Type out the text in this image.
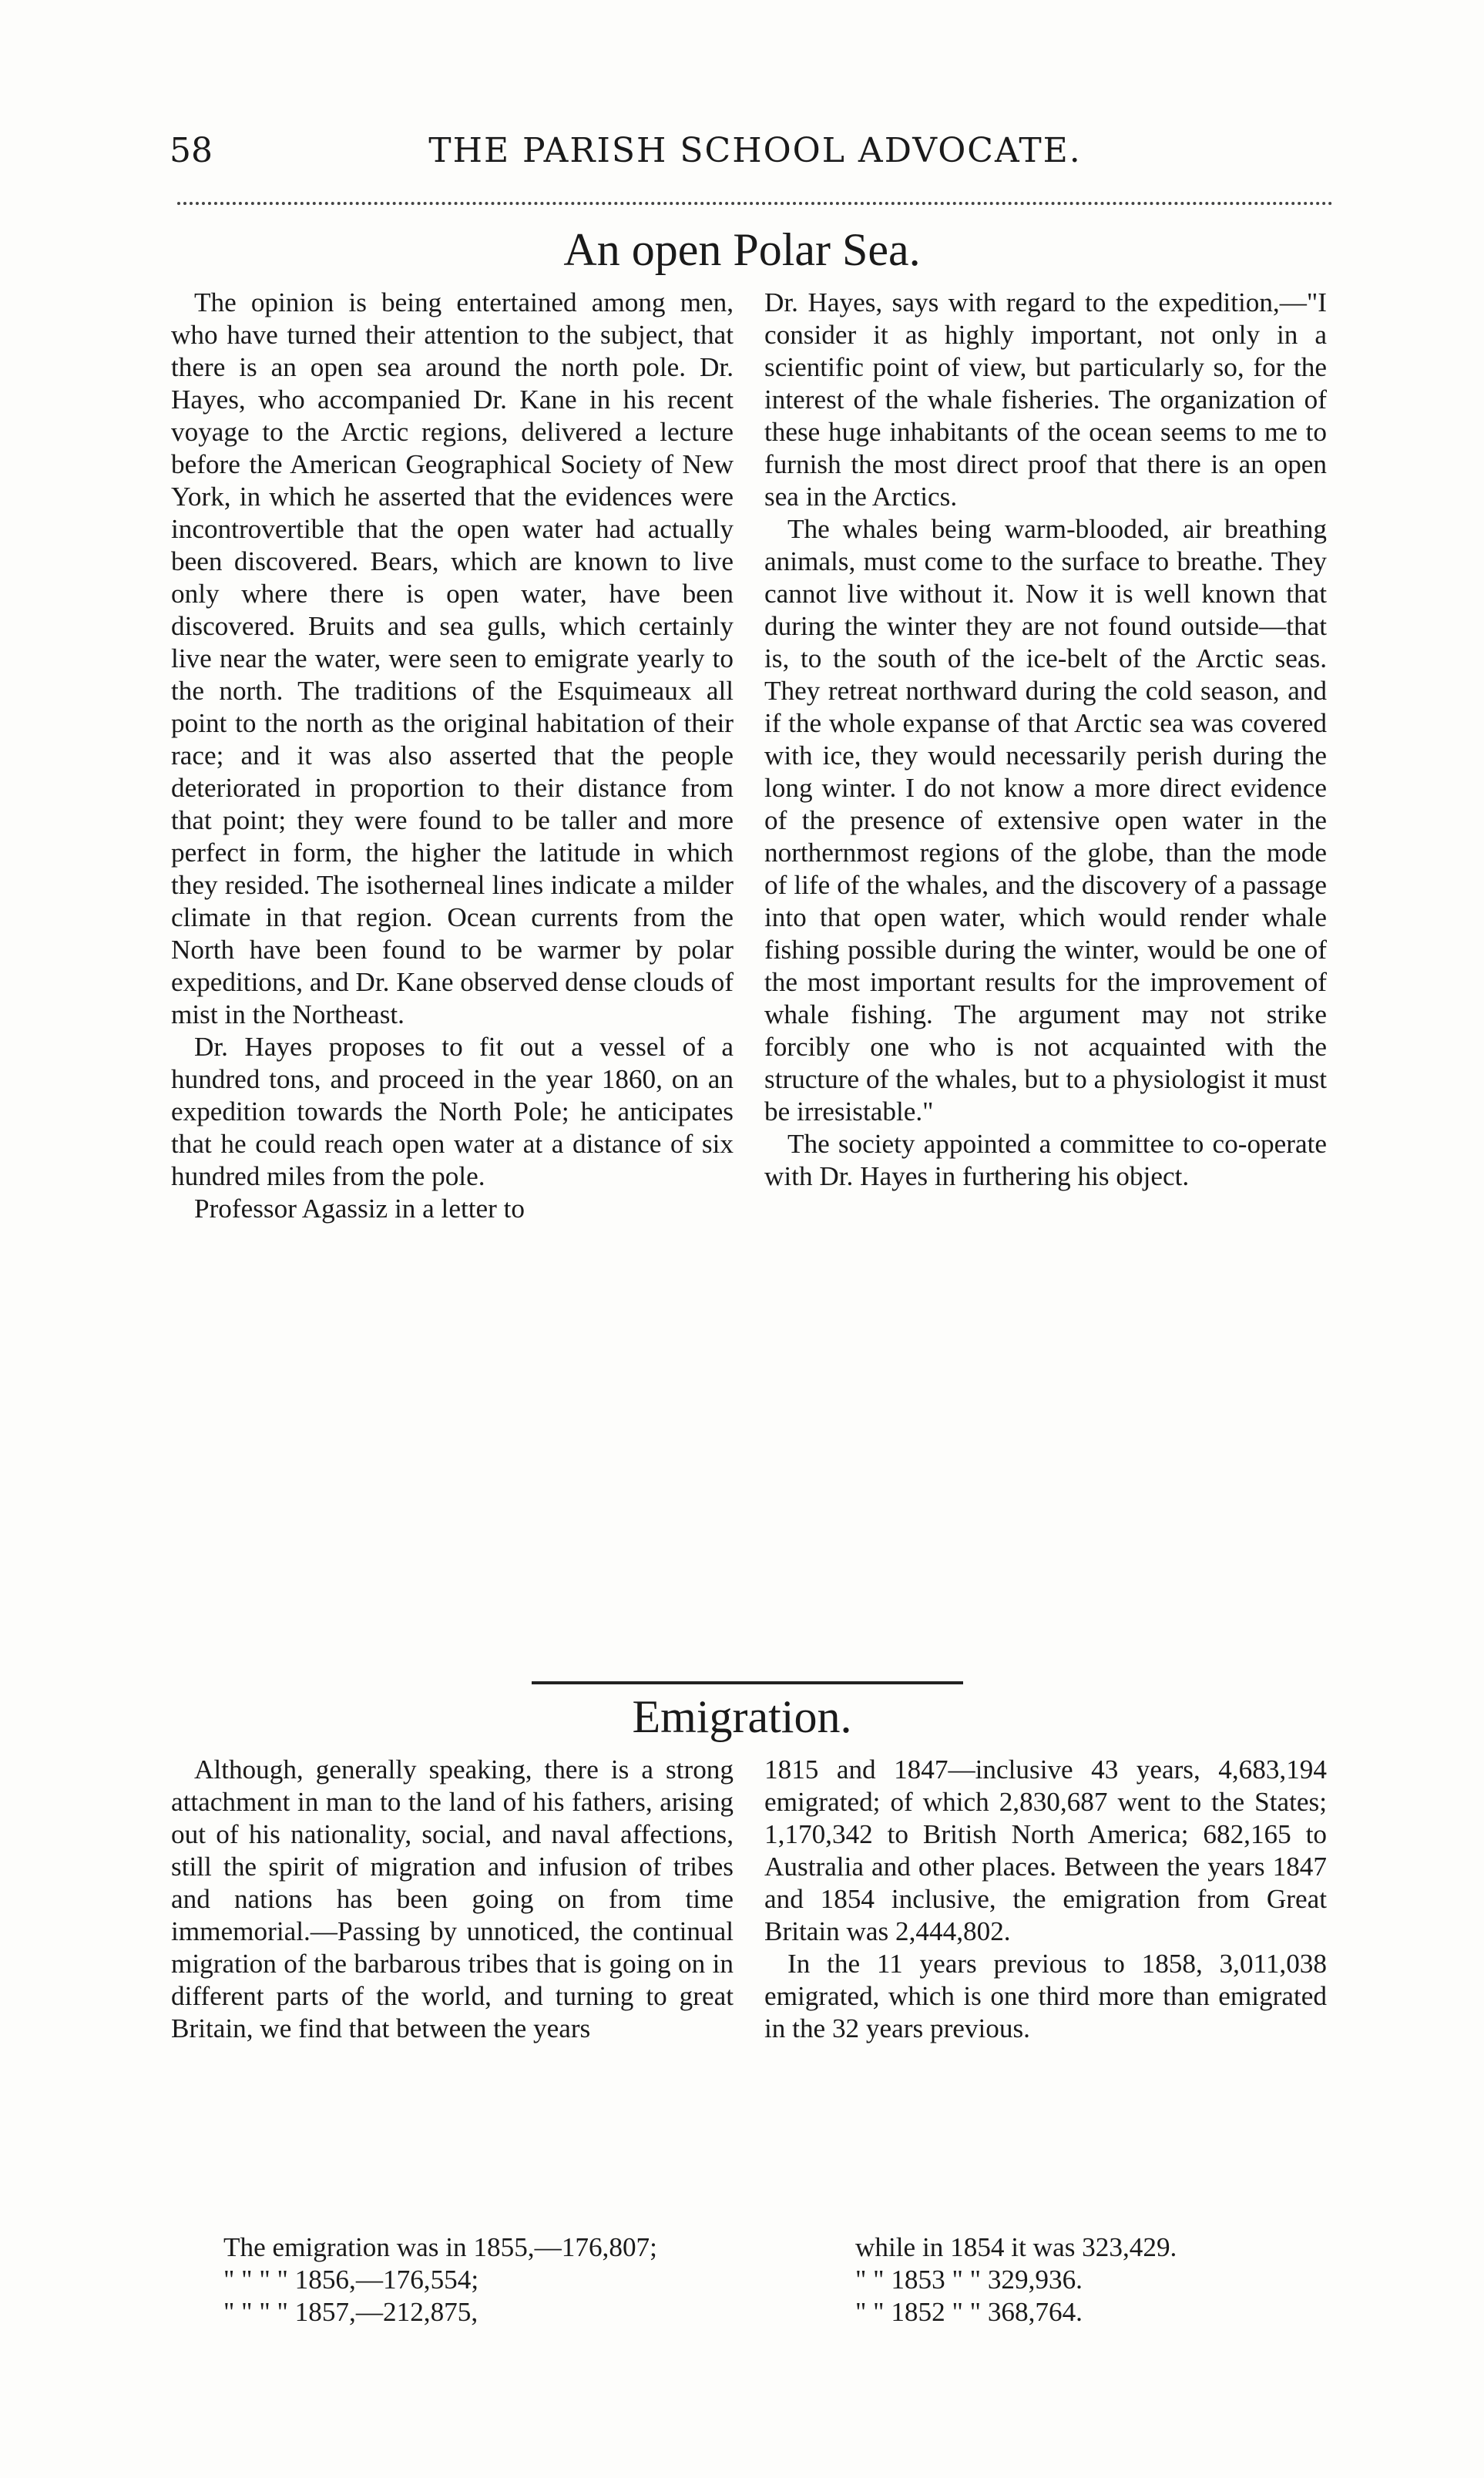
58	THE PARISH SCHOOL ADVOCATE.
An open Polar Sea.

The opinion is being entertained among men, who have turned their attention to the subject, that there is an open sea around the north pole. Dr. Hayes, who accompanied Dr. Kane in his recent voyage to the Arctic regions, delivered a lecture before the American Geographical Society of New York, in which he asserted that the evidences were incontrovertible that the open water had actually been discovered. Bears, which are known to live only where there is open water, have been discovered. Bruits and sea gulls, which certainly live near the water, were seen to emigrate yearly to the north. The traditions of the Esquimeaux all point to the north as the original habitation of their race; and it was also asserted that the people deteriorated in proportion to their distance from that point; they were found to be taller and more perfect in form, the higher the latitude in which they resided. The isotherneal lines indicate a milder climate in that region. Ocean currents from the North have been found to be warmer by polar expeditions, and Dr. Kane observed dense clouds of mist in the Northeast.

Dr. Hayes proposes to fit out a vessel of a hundred tons, and proceed in the year 1860, on an expedition towards the North Pole; he anticipates that he could reach open water at a distance of six hundred miles from the pole.

Professor Agassiz in a letter to

Dr. Hayes, says with regard to the expedition,—"I consider it as highly important, not only in a scientific point of view, but particularly so, for the interest of the whale fisheries. The organization of these huge inhabitants of the ocean seems to me to furnish the most direct proof that there is an open sea in the Arctics.

The whales being warm-blooded, air breathing animals, must come to the surface to breathe. They cannot live without it. Now it is well known that during the winter they are not found outside—that is, to the south of the ice-belt of the Arctic seas. They retreat northward during the cold season, and if the whole expanse of that Arctic sea was covered with ice, they would necessarily perish during the long winter. I do not know a more direct evidence of the presence of extensive open water in the northernmost regions of the globe, than the mode of life of the whales, and the discovery of a passage into that open water, which would render whale fishing possible during the winter, would be one of the most important results for the improvement of whale fishing. The argument may not strike forcibly one who is not acquainted with the structure of the whales, but to a physiologist it must be irresistable."

The society appointed a committee to co-operate with Dr. Hayes in furthering his object.

Emigration.

Although, generally speaking, there is a strong attachment in man to the land of his fathers, arising out of his nationality, social, and naval affections, still the spirit of migration and infusion of tribes and nations has been going on from time immemorial.—Passing by unnoticed, the continual migration of the barbarous tribes that is going on in different parts of the world, and turning to great Britain, we find that between the years

1815 and 1847—inclusive 43 years, 4,683,194 emigrated; of which 2,830,687 went to the States; 1,170,342 to British North America; 682,165 to Australia and other places. Between the years 1847 and 1854 inclusive, the emigration from Great Britain was 2,444,802.

In the 11 years previous to 1858, 3,011,038 emigrated, which is one third more than emigrated in the 32 years previous.

The emigration was in 1855,—176,807;	while in 1854 it was 323,429.
" " " " 1856,—176,554;	" " 1853 " " 329,936.
" " " " 1857,—212,875,	" " 1852 " " 368,764.
